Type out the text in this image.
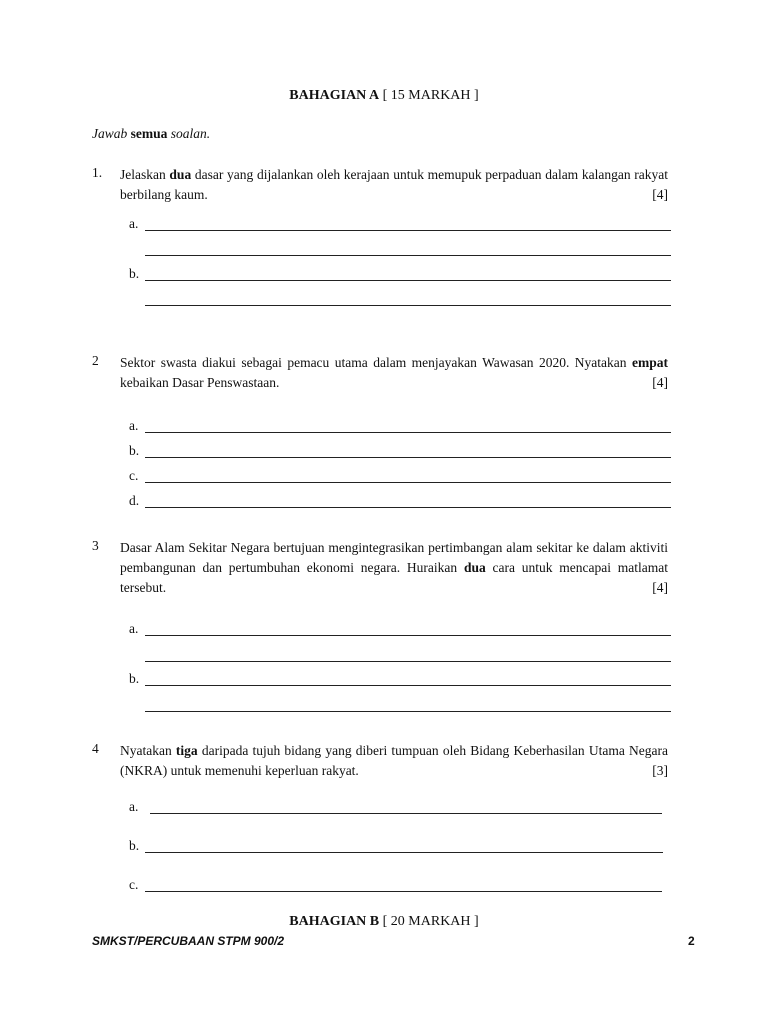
BAHAGIAN A [ 15 MARKAH ]
Jawab semua soalan.
1. Jelaskan dua dasar yang dijalankan oleh kerajaan untuk memupuk perpaduan dalam kalangan rakyat berbilang kaum.	[4]
a.
b.
2 Sektor swasta diakui sebagai pemacu utama dalam menjayakan Wawasan 2020. Nyatakan empat kebaikan Dasar Penswastaan.	[4]
a.
b.
c.
d.
3 Dasar Alam Sekitar Negara bertujuan mengintegrasikan pertimbangan alam sekitar ke dalam aktiviti pembangunan dan pertumbuhan ekonomi negara. Huraikan dua cara untuk mencapai matlamat tersebut.	[4]
a.
b.
4 Nyatakan tiga daripada tujuh bidang yang diberi tumpuan oleh Bidang Keberhasilan Utama Negara (NKRA) untuk memenuhi keperluan rakyat.	[3]
a.
b.
c.
BAHAGIAN B [ 20 MARKAH ]
SMKST/PERCUBAAN STPM 900/2	2
